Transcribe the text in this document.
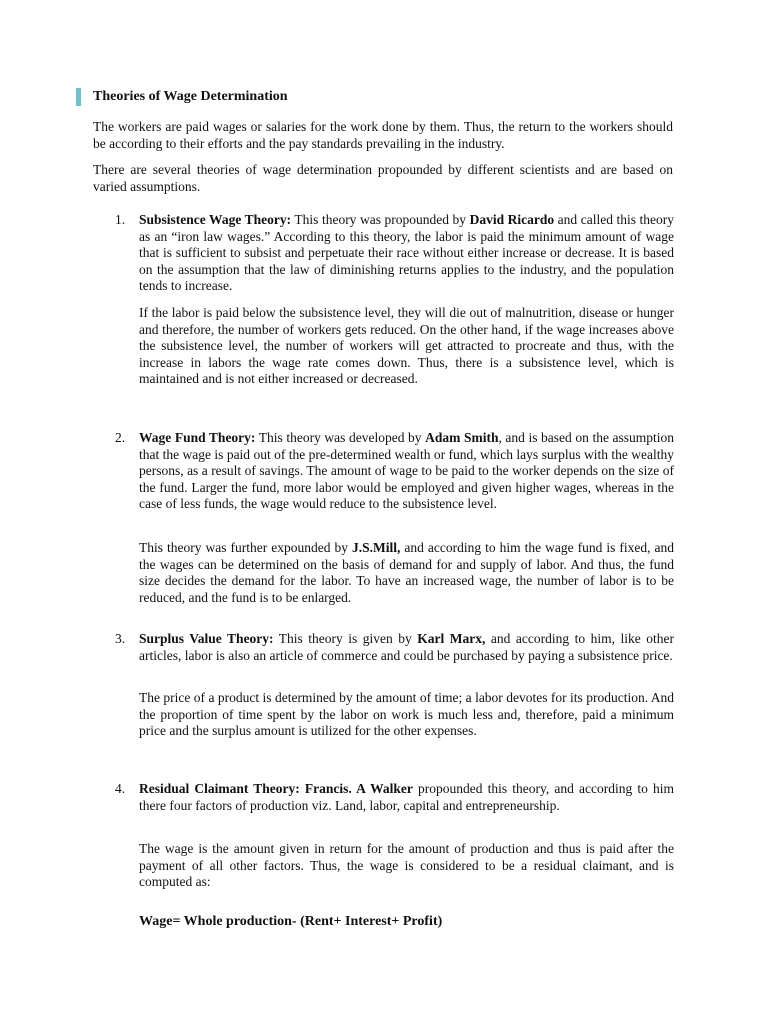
Theories of Wage Determination
The workers are paid wages or salaries for the work done by them. Thus, the return to the workers should be according to their efforts and the pay standards prevailing in the industry.
There are several theories of wage determination propounded by different scientists and are based on varied assumptions.
1. Subsistence Wage Theory: This theory was propounded by David Ricardo and called this theory as an “iron law wages.” According to this theory, the labor is paid the minimum amount of wage that is sufficient to subsist and perpetuate their race without either increase or decrease. It is based on the assumption that the law of diminishing returns applies to the industry, and the population tends to increase.
If the labor is paid below the subsistence level, they will die out of malnutrition, disease or hunger and therefore, the number of workers gets reduced. On the other hand, if the wage increases above the subsistence level, the number of workers will get attracted to procreate and thus, with the increase in labors the wage rate comes down. Thus, there is a subsistence level, which is maintained and is not either increased or decreased.
2. Wage Fund Theory: This theory was developed by Adam Smith, and is based on the assumption that the wage is paid out of the pre-determined wealth or fund, which lays surplus with the wealthy persons, as a result of savings. The amount of wage to be paid to the worker depends on the size of the fund. Larger the fund, more labor would be employed and given higher wages, whereas in the case of less funds, the wage would reduce to the subsistence level.
This theory was further expounded by J.S.Mill, and according to him the wage fund is fixed, and the wages can be determined on the basis of demand for and supply of labor. And thus, the fund size decides the demand for the labor. To have an increased wage, the number of labor is to be reduced, and the fund is to be enlarged.
3. Surplus Value Theory: This theory is given by Karl Marx, and according to him, like other articles, labor is also an article of commerce and could be purchased by paying a subsistence price.
The price of a product is determined by the amount of time; a labor devotes for its production. And the proportion of time spent by the labor on work is much less and, therefore, paid a minimum price and the surplus amount is utilized for the other expenses.
4. Residual Claimant Theory: Francis. A Walker propounded this theory, and according to him there four factors of production viz. Land, labor, capital and entrepreneurship.
The wage is the amount given in return for the amount of production and thus is paid after the payment of all other factors. Thus, the wage is considered to be a residual claimant, and is computed as:
Wage= Whole production- (Rent+ Interest+ Profit)
